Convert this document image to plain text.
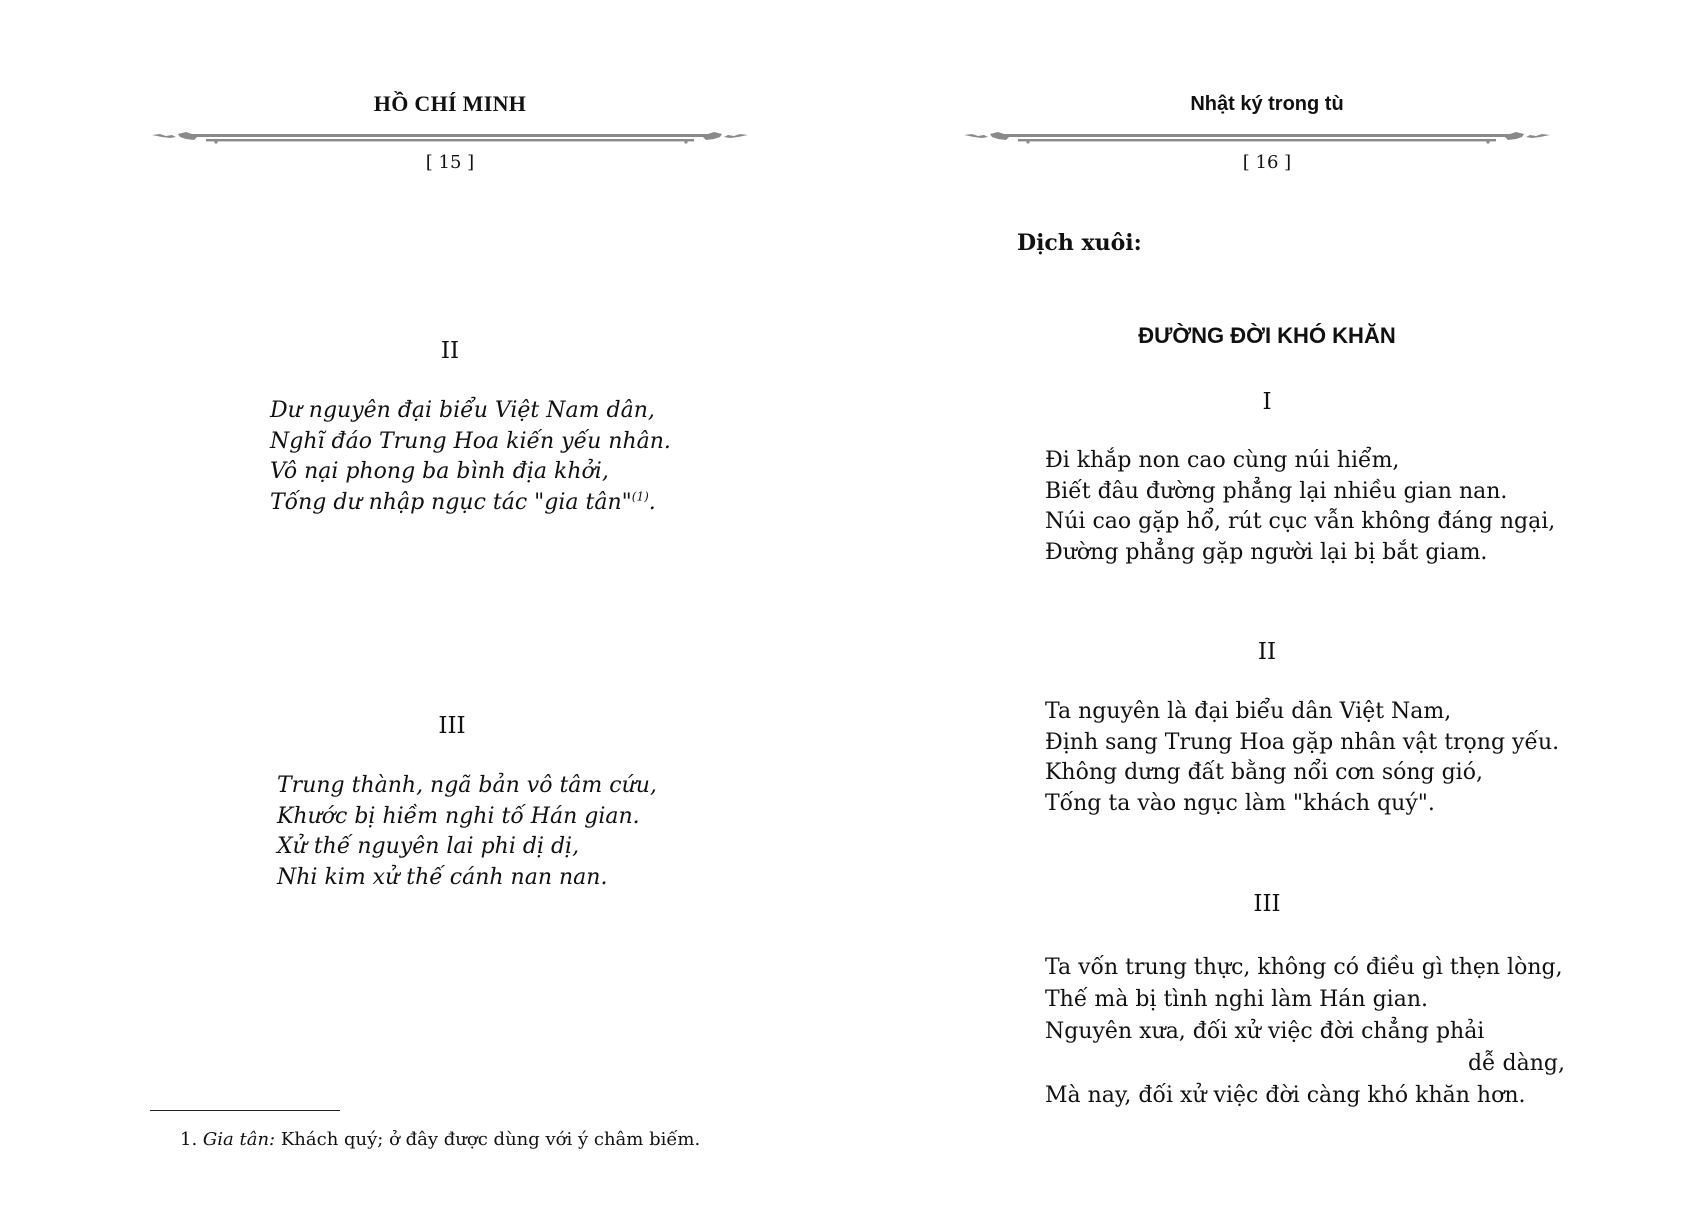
HỒ CHÍ MINH
[ 15 ]
II
Dư nguyên đại biểu Việt Nam dân,
Nghĩ đáo Trung Hoa kiến yếu nhân.
Vô nại phong ba bình địa khởi,
Tống dư nhập ngục tác "gia tân"$^{(1)}$.
III
Trung thành, ngã bản vô tâm cứu,
Khước bị hiềm nghi tố Hán gian.
Xử thế nguyên lai phi dị dị,
Nhi kim xử thế cánh nan nan.
1. Gia tân: Khách quý; ở đây được dùng với ý châm biếm.
Nhật ký trong tù
[ 16 ]
Dịch xuôi:
ĐƯỜNG ĐỜI KHÓ KHĂN
I
Đi khắp non cao cùng núi hiểm,
Biết đâu đường phẳng lại nhiều gian nan.
Núi cao gặp hổ, rút cục vẫn không đáng ngại,
Đường phẳng gặp người lại bị bắt giam.
II
Ta nguyên là đại biểu dân Việt Nam,
Định sang Trung Hoa gặp nhân vật trọng yếu.
Không dưng đất bằng nổi cơn sóng gió,
Tống ta vào ngục làm "khách quý".
III
Ta vốn trung thực, không có điều gì thẹn lòng,
Thế mà bị tình nghi làm Hán gian.
Nguyên xưa, đối xử việc đời chẳng phải
dễ dàng,
Mà nay, đối xử việc đời càng khó khăn hơn.
